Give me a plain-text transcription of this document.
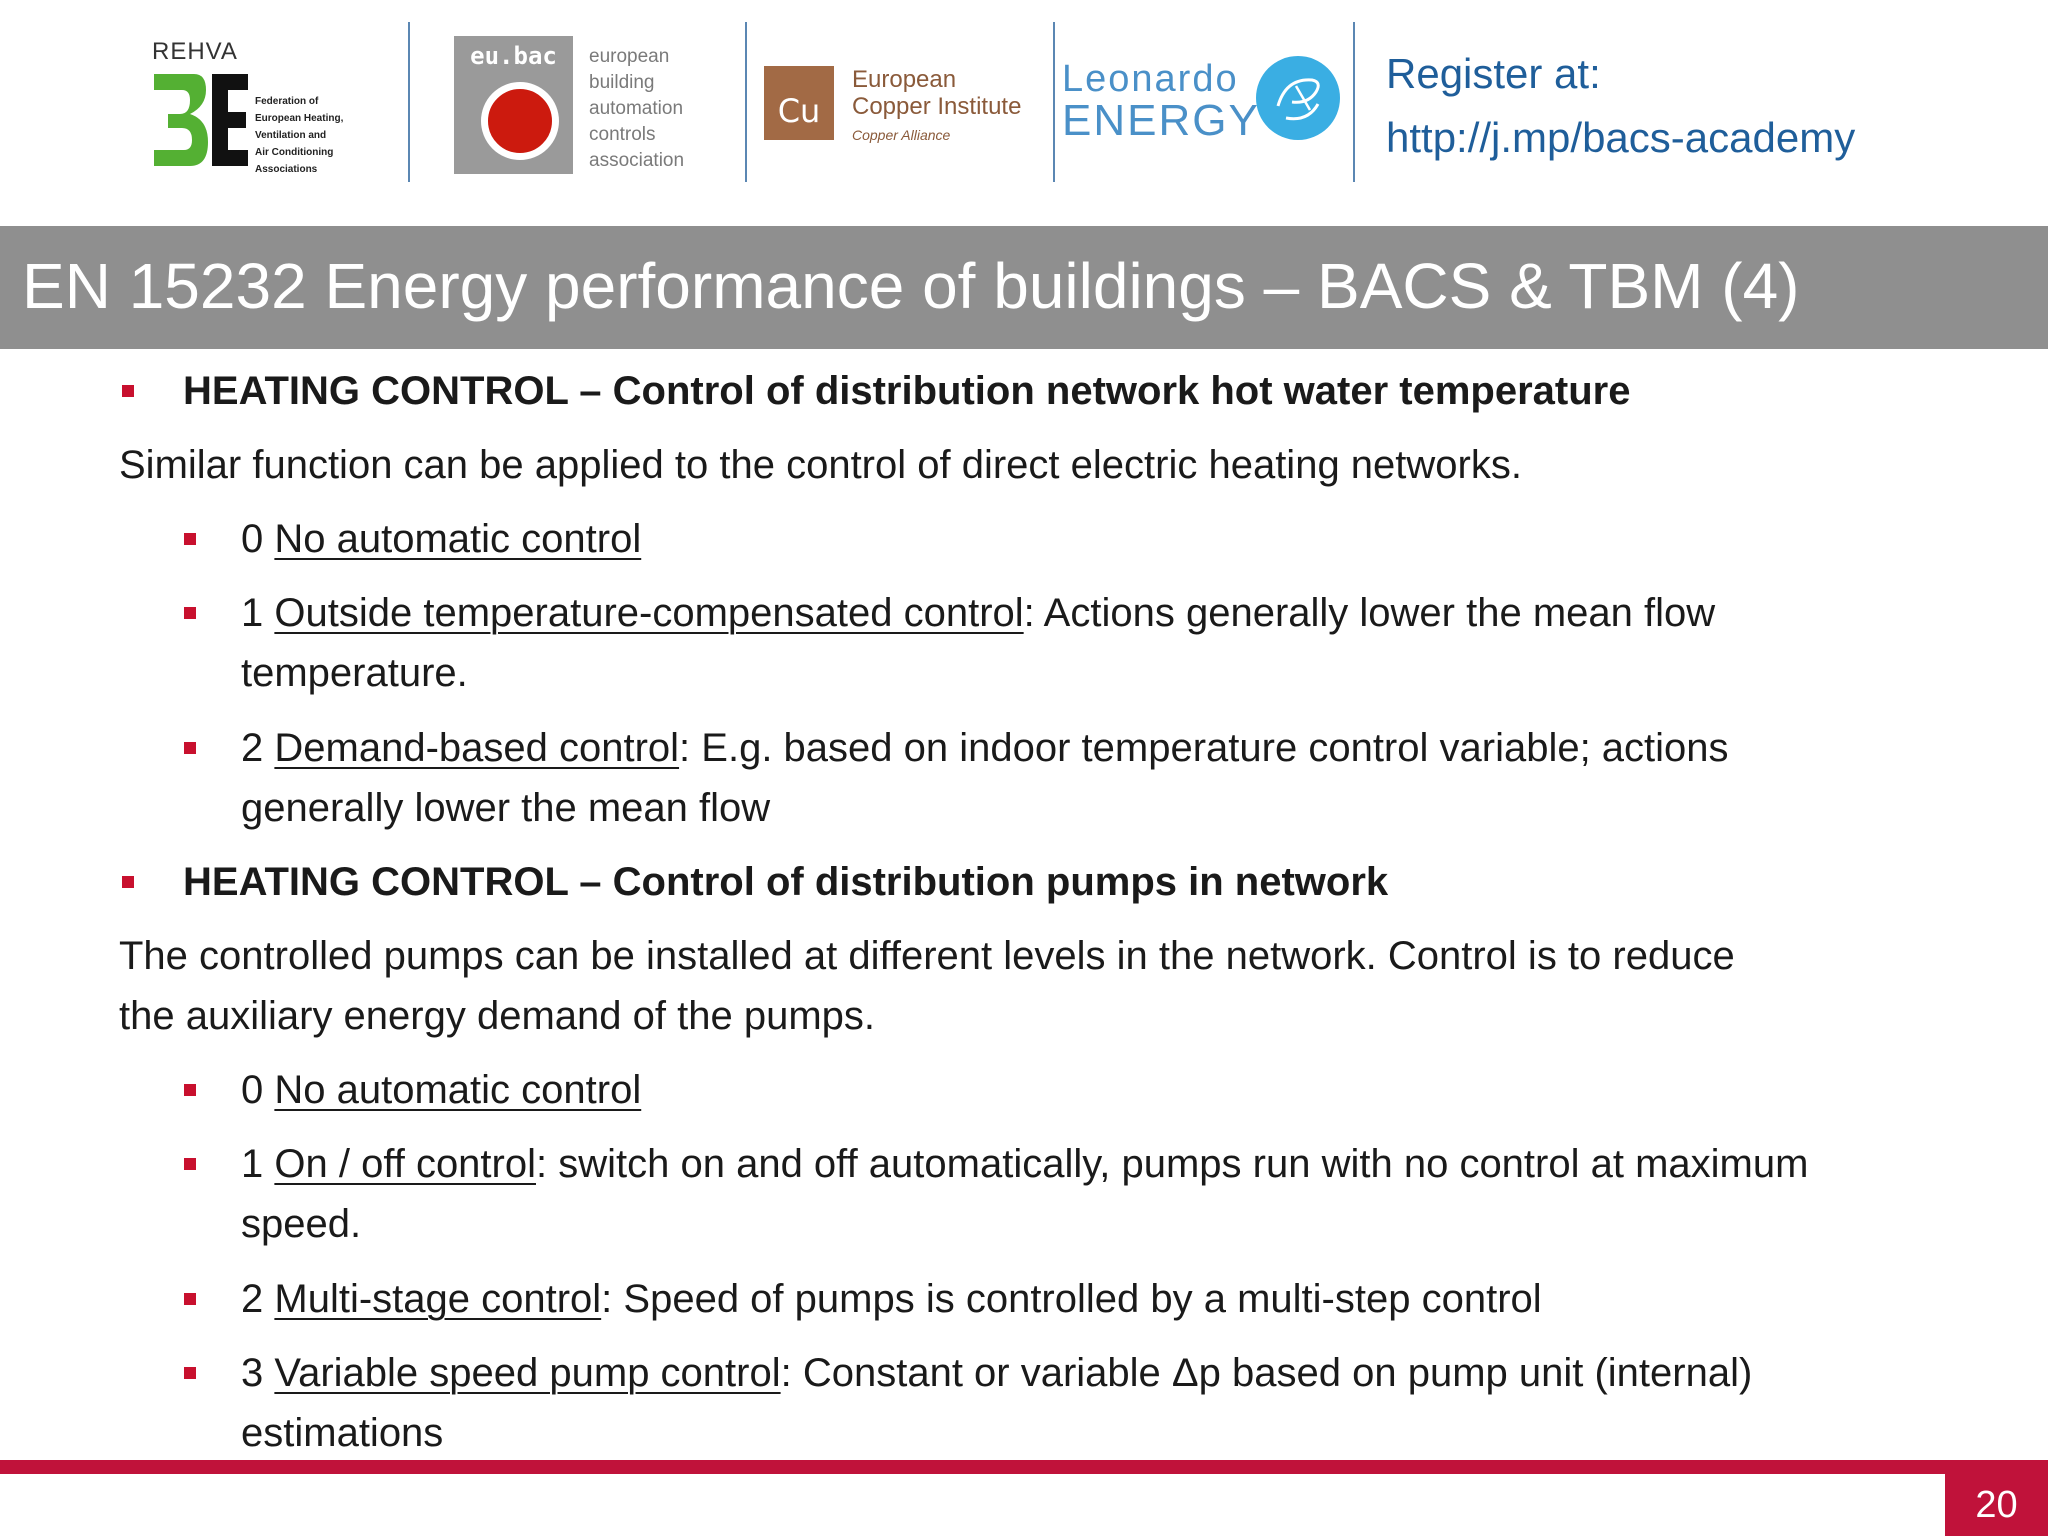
REHVA
Federation of
European Heating,
Ventilation and
Air Conditioning
Associations
eu.bac	european
building
automation
controls
association
Cu
European
Copper Institute
Copper Alliance
Leonardo
ENERGY
Register at:
http://j.mp/bacs-academy
EN 15232 Energy performance of buildings – BACS & TBM (4)
HEATING CONTROL – Control of distribution network hot water temperature
Similar function can be applied to the control of direct electric heating networks.
0 No automatic control
1 Outside temperature-compensated control: Actions generally lower the mean flow
temperature.
2 Demand-based control: E.g. based on indoor temperature control variable; actions
generally lower the mean flow
HEATING CONTROL – Control of distribution pumps in network
The controlled pumps can be installed at different levels in the network. Control is to reduce
the auxiliary energy demand of the pumps.
0 No automatic control
1 On / off control: switch on and off automatically, pumps run with no control at maximum
speed.
2 Multi-stage control: Speed of pumps is controlled by a multi-step control
3 Variable speed pump control: Constant or variable Δp based on pump unit (internal)
estimations
20
